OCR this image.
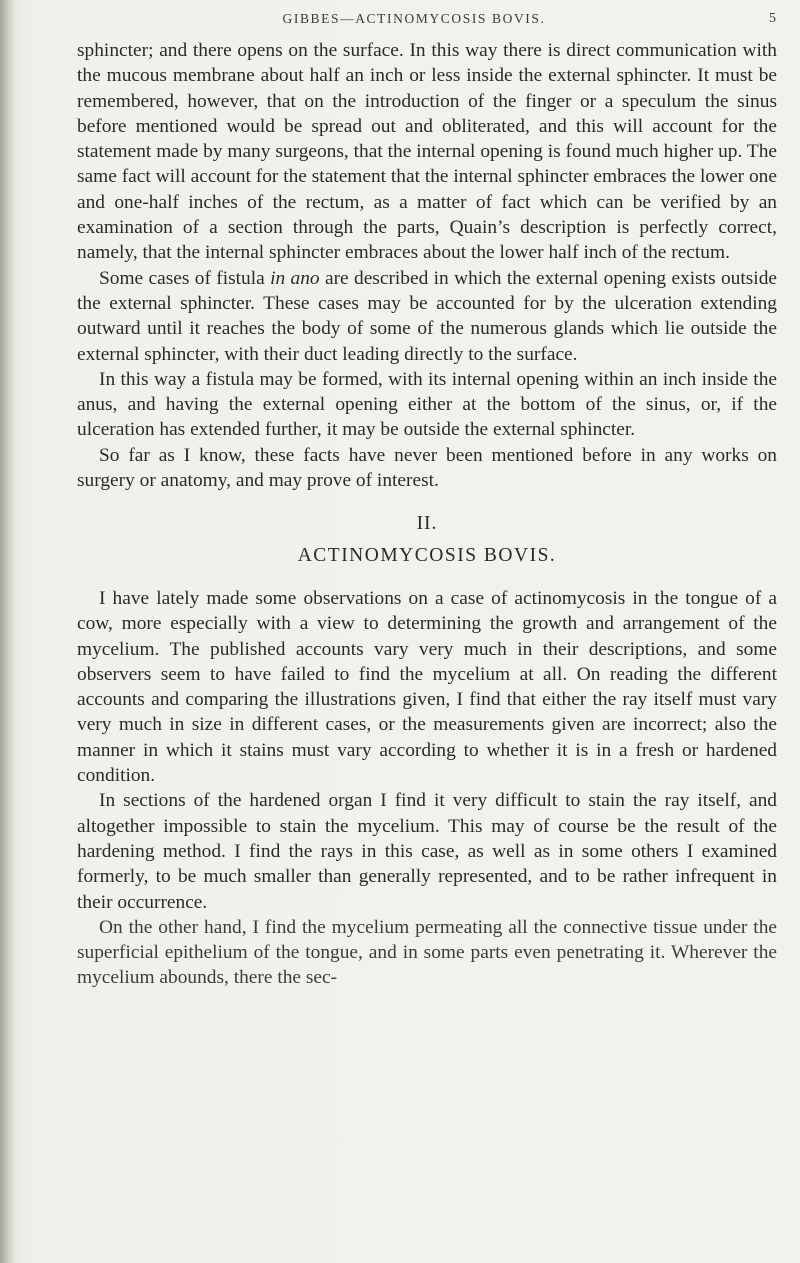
GIBBES—ACTINOMYCOSIS BOVIS.	5

sphincter; and there opens on the surface. In this way there is direct communication with the mucous membrane about half an inch or less inside the external sphincter. It must be remembered, however, that on the introduction of the finger or a speculum the sinus before mentioned would be spread out and obliterated, and this will account for the statement made by many surgeons, that the internal opening is found much higher up. The same fact will account for the statement that the internal sphincter embraces the lower one and one-half inches of the rectum, as a matter of fact which can be verified by an examination of a section through the parts, Quain’s description is perfectly correct, namely, that the internal sphincter embraces about the lower half inch of the rectum.

Some cases of fistula in ano are described in which the external opening exists outside the external sphincter. These cases may be accounted for by the ulceration extending outward until it reaches the body of some of the numerous glands which lie outside the external sphincter, with their duct leading directly to the surface.

In this way a fistula may be formed, with its internal opening within an inch inside the anus, and having the external opening either at the bottom of the sinus, or, if the ulceration has extended further, it may be outside the external sphincter.

So far as I know, these facts have never been mentioned before in any works on surgery or anatomy, and may prove of interest.

II.
ACTINOMYCOSIS BOVIS.

I have lately made some observations on a case of actinomycosis in the tongue of a cow, more especially with a view to determining the growth and arrangement of the mycelium. The published accounts vary very much in their descriptions, and some observers seem to have failed to find the mycelium at all. On reading the different accounts and comparing the illustrations given, I find that either the ray itself must vary very much in size in different cases, or the measurements given are incorrect; also the manner in which it stains must vary according to whether it is in a fresh or hardened condition.

In sections of the hardened organ I find it very difficult to stain the ray itself, and altogether impossible to stain the mycelium. This may of course be the result of the hardening method. I find the rays in this case, as well as in some others I examined formerly, to be much smaller than generally represented, and to be rather infrequent in their occurrence.

On the other hand, I find the mycelium permeating all the connective tissue under the superficial epithelium of the tongue, and in some parts even penetrating it. Wherever the mycelium abounds, there the sec-
